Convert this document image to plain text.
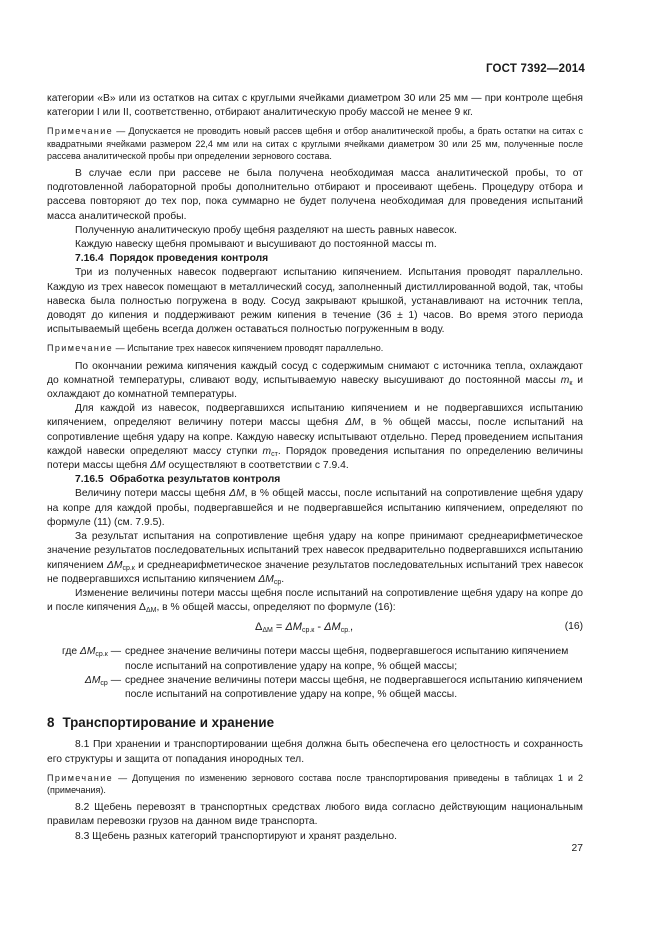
ГОСТ 7392—2014

категории «В» или из остатков на ситах с круглыми ячейками диаметром 30 или 25 мм — при контроле щебня категории I или II, соответственно, отбирают аналитическую пробу массой не менее 9 кг.

Примечание — Допускается не проводить новый рассев щебня и отбор аналитической пробы, а брать остатки на ситах с квадратными ячейками размером 22,4 мм или на ситах с круглыми ячейками диаметром 30 или 25 мм, полученные после рассева аналитической пробы при определении зернового состава.

В случае если при рассеве не была получена необходимая масса аналитической пробы, то от подготовленной лабораторной пробы дополнительно отбирают и просеивают щебень. Процедуру отбора и рассева повторяют до тех пор, пока суммарно не будет получена необходимая для проведения испытаний масса аналитической пробы.

Полученную аналитическую пробу щебня разделяют на шесть равных навесок.

Каждую навеску щебня промывают и высушивают до постоянной массы m.

7.16.4 Порядок проведения контроля

Три из полученных навесок подвергают испытанию кипячением. Испытания проводят параллельно. Каждую из трех навесок помещают в металлический сосуд, заполненный дистиллированной водой, так, чтобы навеска была полностью погружена в воду. Сосуд закрывают крышкой, устанавливают на источник тепла, доводят до кипения и поддерживают режим кипения в течение (36 ± 1) часов. Во время этого периода испытываемый щебень всегда должен оставаться полностью погруженным в воду.

Примечание — Испытание трех навесок кипячением проводят параллельно.

По окончании режима кипячения каждый сосуд с содержимым снимают с источника тепла, охлаждают до комнатной температуры, сливают воду, испытываемую навеску высушивают до постоянной массы $m_к$ и охлаждают до комнатной температуры.

Для каждой из навесок, подвергавшихся испытанию кипячением и не подвергавшихся испытанию кипячением, определяют величину потери массы щебня ΔM, в % общей массы, после испытаний на сопротивление щебня удару на копре. Каждую навеску испытывают отдельно. Перед проведением испытания каждой навески определяют массу ступки $m_{ст}$. Порядок проведения испытания по определению величины потери массы щебня ΔM осуществляют в соответствии с 7.9.4.

7.16.5 Обработка результатов контроля

Величину потери массы щебня ΔM, в % общей массы, после испытаний на сопротивление щебня удару на копре для каждой пробы, подвергавшейся и не подвергавшейся испытанию кипячением, определяют по формуле (11) (см. 7.9.5).

За результат испытания на сопротивление щебня удару на копре принимают среднеарифметическое значение результатов последовательных испытаний трех навесок предварительно подвергавшихся испытанию кипячением $\Delta M_{ср.к}$ и среднеарифметическое значение результатов последовательных испытаний трех навесок не подвергавшихся испытанию кипячением $\Delta M_{ср}$.

Изменение величины потери массы щебня после испытаний на сопротивление щебня удару на копре до и после кипячения $\Delta_{\Delta M}$, в % общей массы, определяют по формуле (16):

$\Delta_{\Delta M} = \Delta M_{ср.к} - \Delta M_{ср.}$,	(16)
где $\Delta M_{ср.к}$ — среднее значение величины потери массы щебня, подвергавшегося испытанию кипячением после испытаний на сопротивление удару на копре, % общей массы;
$\Delta M_{ср}$ — среднее значение величины потери массы щебня, не подвергавшегося испытанию кипячением после испытаний на сопротивление удару на копре, % общей массы.
8 Транспортирование и хранение

8.1 При хранении и транспортировании щебня должна быть обеспечена его целостность и сохранность его структуры и защита от попадания инородных тел.

Примечание — Допущения по изменению зернового состава после транспортирования приведены в таблицах 1 и 2 (примечания).

8.2 Щебень перевозят в транспортных средствах любого вида согласно действующим национальным правилам перевозки грузов на данном виде транспорта.

8.3 Щебень разных категорий транспортируют и хранят раздельно.

27
